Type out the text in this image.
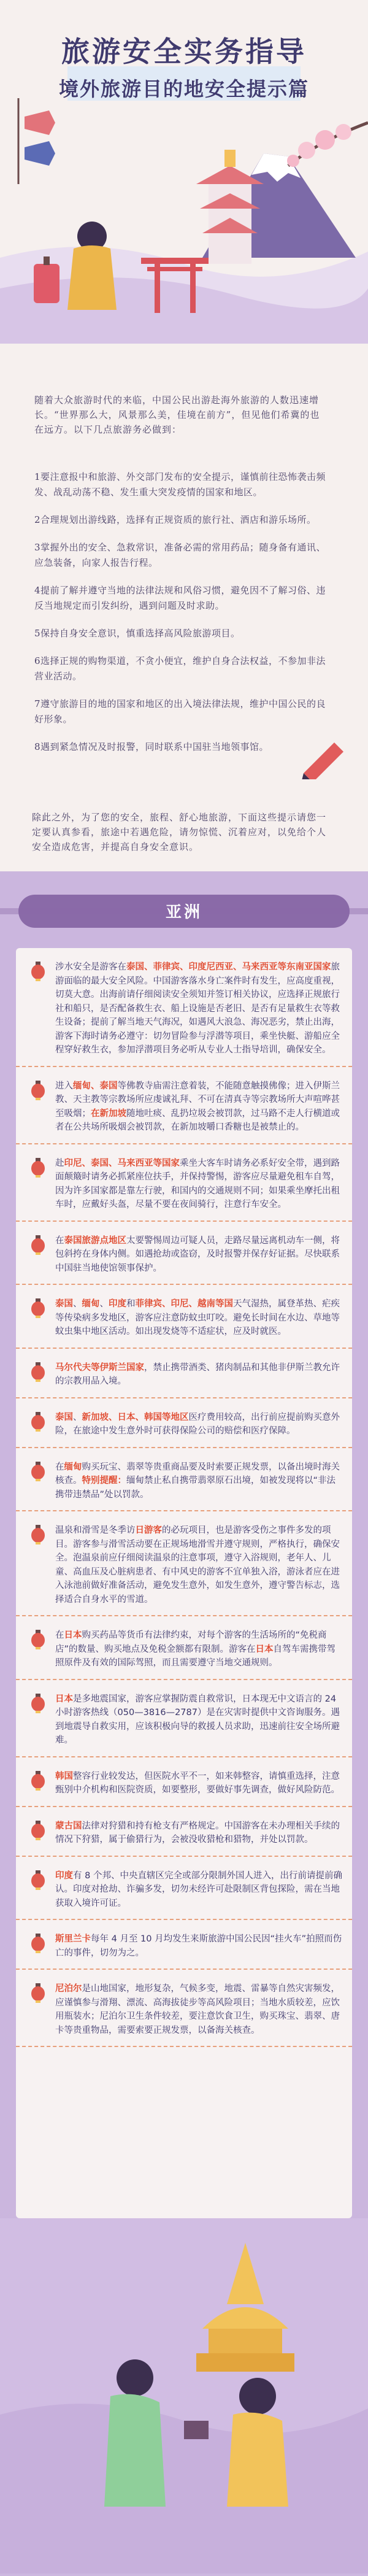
旅游安全实务指导
境外旅游目的地安全提示篇
随着大众旅游时代的来临，中国公民出游赴海外旅游的人数迅速增长。“世界那么大，风景那么美，佳境在前方”，但见他们希冀的也在远方。以下几点旅游务必做到：
1要注意报中和旅游、外交部门发布的安全提示，谨慎前往恐怖袭击频发、战乱动荡不稳、发生重大突发疫情的国家和地区。
2合理规划出游线路，选择有正规资质的旅行社、酒店和游乐场所。
3掌握外出的安全、急救常识，准备必需的常用药品；随身备有通讯、应急装备，向家人报告行程。
4提前了解并遵守当地的法律法规和风俗习惯，避免因不了解习俗、违反当地规定而引发纠纷，遇到问题及时求助。
5保持自身安全意识，慎重选择高风险旅游项目。
6选择正规的购物渠道，不贪小便宜，维护自身合法权益，不参加非法营业活动。
7遵守旅游目的地的国家和地区的出入境法律法规，维护中国公民的良好形象。
8遇到紧急情况及时报警，同时联系中国驻当地领事馆。
除此之外，为了您的安全，旅程、舒心地旅游，下面这些提示请您一定要认真参看，旅途中若遇危险，请勿惊慌、沉着应对，以免给个人安全造成危害，并提高自身安全意识。
亚洲
涉水安全是游客在泰国、菲律宾、印度尼西亚、马来西亚等东南亚国家旅游面临的最大安全风险。中国游客落水身亡案件时有发生，应高度重视，切莫大意。出海前请仔细阅读安全须知并签订相关协议，应选择正规旅行社和船只，是否配备救生衣、船上设施是否老旧、是否有足量救生衣等救生设备；提前了解当地天气海况，如遇风大浪急、海况恶劣，禁止出海，游客下海时请务必遵守：切勿冒险参与浮潜等项目，乘坐快艇、游船应全程穿好救生衣，参加浮潜项目务必听从专业人士指导培训，确保安全。
进入缅甸、泰国等佛教寺庙需注意着装，不能随意触摸佛像；进入伊斯兰教、天主教等宗教场所应虔诚礼拜、不可在清真寺等宗教场所大声喧哗甚至吸烟；在新加坡随地吐痰、乱扔垃圾会被罚款，过马路不走人行横道或者在公共场所吸烟会被罚款，在新加坡嚼口香糖也是被禁止的。
赴印尼、泰国、马来西亚等国家乘坐大客车时请务必系好安全带，遇到路面颠簸时请务必抓紧座位扶手，并保持警惕，游客应尽量避免租车自驾，因为许多国家都是靠左行驶，和国内的交通规则不同；如果乘坐摩托出租车时，应戴好头盔，尽量不要在夜间骑行，注意行车安全。
在泰国旅游点地区太要警惕周边可疑人员，走路尽量远离机动车一侧，将包斜挎在身体内侧。如遇抢劫或盗窃，及时报警并保存好证据。尽快联系中国驻当地使馆领事保护。
泰国、缅甸、印度和菲律宾、印尼、越南等国天气湿热，属登革热、疟疾等传染病多发地区，游客应注意防蚊虫叮咬。避免长时间在水边、草地等蚊虫集中地区活动。如出现发烧等不适症状，应及时就医。
马尔代夫等伊斯兰国家，禁止携带酒类、猪肉制品和其他非伊斯兰教允许的宗教用品入境。
泰国、新加坡、日本、韩国等地区医疗费用较高，出行前应提前购买意外险，在旅途中发生意外时可获得保险公司的赔偿和医疗保障。
在缅甸购买玩宝、翡翠等贵重商品要及时索要正规发票，以备出境时海关核查。特别提醒：缅甸禁止私自携带翡翠原石出境，如被发现将以“非法携带违禁品”处以罚款。
温泉和滑雪是冬季访日游客的必玩项目，也是游客受伤之事件多发的项目。游客参与滑雪活动要在正规场地滑雪并遵守规则，严格执行，确保安全。泡温泉前应仔细阅读温泉的注意事项，遵守入浴规则，老年人、儿童、高血压及心脏病患者、有中风史的游客不宜单独入浴，游泳者应在进入泳池前做好准备活动，避免发生意外，如发生意外，遵守警告标志，选择适合自身水平的雪道。
在日本购买药品等货币有法律约束，对每个游客的生活场所的“免税商店”的数量、购买地点及免税金额都有限制。游客在日本自驾车需携带驾照原件及有效的国际驾照，而且需要遵守当地交通规则。
日本是多地震国家，游客应掌握防震自救常识，日本现无中文语言的 24 小时游客热线（050—3816—2787）是在灾害时提供中文咨询服务。遇到地震导自救实用，应该积极向导的救援人员求助，迅速前往安全场所避难。
韩国整容行业较发达，但医院水平不一，如来韩整容，请慎重选择，注意甄别中介机构和医院资质，如要整形，要做好事先调查，做好风险防范。
蒙古国法律对狩猎和持有枪支有严格规定。中国游客在未办理相关手续的情况下狩猎，属于偷猎行为，会被没收猎枪和猎物，并处以罚款。
印度有 8 个邦、中央直辖区完全或部分限制外国人进入，出行前请提前确认。印度对抢劫、诈骗多发，切勿未经许可赴限制区背包探险，需在当地获取入境许可证。
斯里兰卡每年 4 月至 10 月均发生来斯旅游中国公民因“挂火车”拍照而伤亡的事件，切勿为之。
尼泊尔是山地国家，地形复杂，气候多变，地震、雷暴等自然灾害频发，应谨慎参与滑翔、漂流、高海拔徒步等高风险项目；当地水质较差，应饮用瓶装水；尼泊尔卫生条件较差，要注意饮食卫生，购买珠宝、翡翠、唐卡等贵重物品，需要索要正规发票，以备海关核查。
